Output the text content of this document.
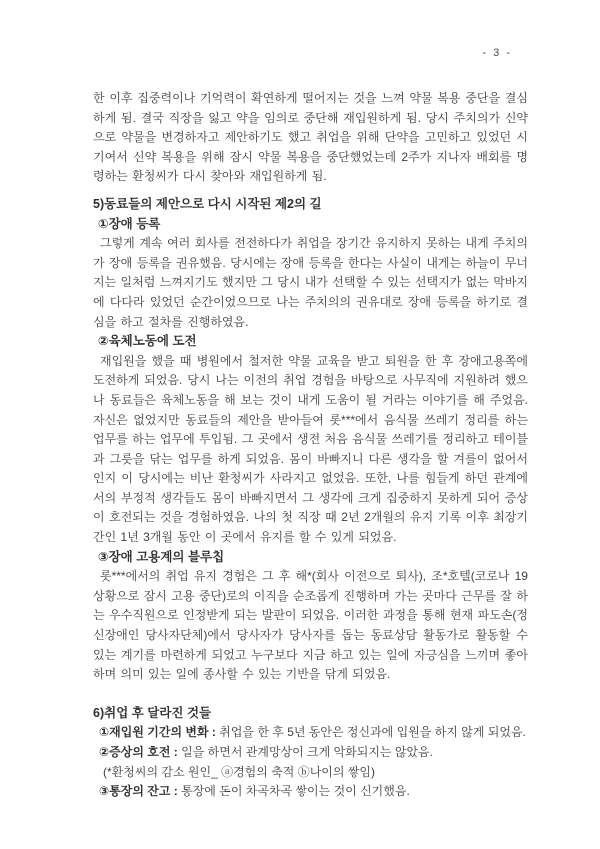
- 3 -

한 이후 집중력이나 기억력이 확연하게 떨어지는 것을 느껴 약물 복용 중단을 결심하게 됨. 결국 직장을 잃고 약을 임의로 중단해 재입원하게 됨. 당시 주치의가 신약으로 약물을 변경하자고 제안하기도 했고 취업을 위해 단약을 고민하고 있었던 시기여서 신약 복용을 위해 잠시 약물 복용을 중단했었는데 2주가 지나자 배회를 명령하는 환청씨가 다시 찾아와 재입원하게 됨.

5)동료들의 제안으로 다시 시작된 제2의 길
①장애 등록

그렇게 계속 여러 회사를 전전하다가 취업을 장기간 유지하지 못하는 내게 주치의가 장애 등록을 권유했음. 당시에는 장애 등록을 한다는 사실이 내게는 하늘이 무너지는 일처럼 느껴지기도 했지만 그 당시 내가 선택할 수 있는 선택지가 없는 막바지에 다다라 있었던 순간이었으므로 나는 주치의의 권유대로 장애 등록을 하기로 결심을 하고 절차를 진행하였음.

②육체노동에 도전

재입원을 했을 때 병원에서 철저한 약물 교육을 받고 퇴원을 한 후 장애고용쪽에 도전하게 되었음. 당시 나는 이전의 취업 경험을 바탕으로 사무직에 지원하려 했으나 동료들은 육체노동을 해 보는 것이 내게 도움이 될 거라는 이야기를 해 주었음. 자신은 없었지만 동료들의 제안을 받아들여 롯***에서 음식물 쓰레기 정리를 하는 업무를 하는 업무에 투입됨. 그 곳에서 생전 처음 음식물 쓰레기를 정리하고 테이블과 그릇을 닦는 업무를 하게 되었음. 몸이 바빠지니 다른 생각을 할 겨를이 없어서인지 이 당시에는 비난 환청씨가 사라지고 없었음. 또한, 나를 힘들게 하던 관계에서의 부정적 생각들도 몸이 바빠지면서 그 생각에 크게 집중하지 못하게 되어 증상이 호전되는 것을 경험하였음. 나의 첫 직장 때 2년 2개월의 유지 기록 이후 최장기간인 1년 3개월 동안 이 곳에서 유지를 할 수 있게 되었음.

③장애 고용계의 블루칩

롯***에서의 취업 유지 경험은 그 후 해*(회사 이전으로 퇴사), 조*호텔(코로나 19상황으로 잠시 고용 중단)로의 이직을 순조롭게 진행하며 가는 곳마다 근무를 잘 하는 우수직원으로 인정받게 되는 발판이 되었음. 이러한 과정을 통해 현재 파도손(정신장애인 당사자단체)에서 당사자가 당사자를 돕는 동료상담 활동가로 활동할 수 있는 계기를 마련하게 되었고 누구보다 지금 하고 있는 일에 자긍심을 느끼며 좋아하며 의미 있는 일에 종사할 수 있는 기반을 닦게 되었음.

6)취업 후 달라진 것들

①재입원 기간의 변화 : 취업을 한 후 5년 동안은 정신과에 입원을 하지 않게 되었음.

②증상의 호전 : 일을 하면서 관계망상이 크게 악화되지는 않았음.

(*환청씨의 감소 원인_ ⓐ경험의 축적 ⓑ나이의 쌓임)

③통장의 잔고 : 통장에 돈이 차곡차곡 쌓이는 것이 신기했음.
